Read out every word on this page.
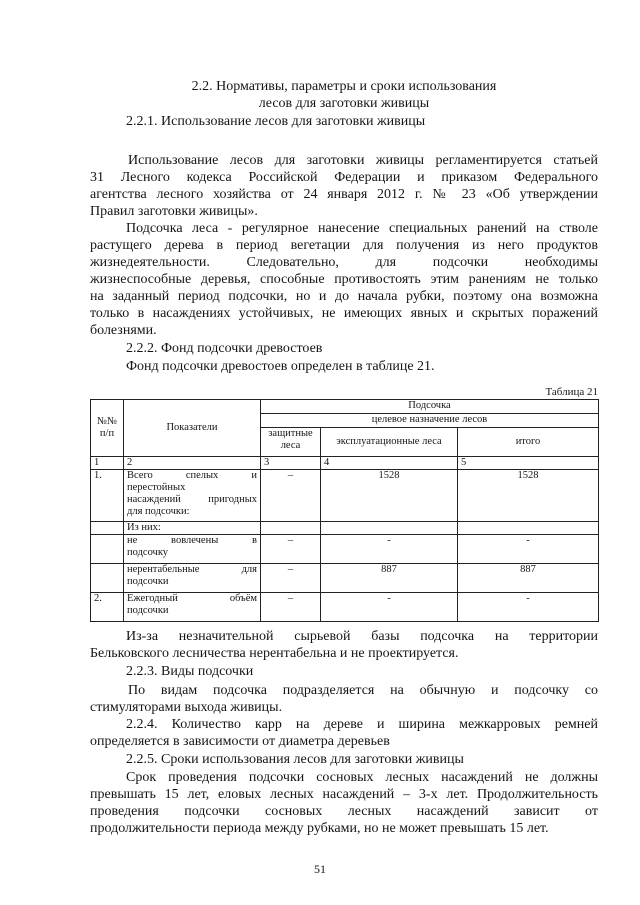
2.2. Нормативы, параметры и сроки использования
лесов для заготовки живицы
2.2.1. Использование лесов для заготовки живицы
Использование лесов для заготовки живицы регламентируется статьей
31 Лесного кодекса Российской Федерации и приказом Федерального
агентства лесного хозяйства от 24 января 2012 г. № 23 «Об утверждении
Правил заготовки живицы».
Подсочка леса - регулярное нанесение специальных ранений на стволе
растущего дерева в период вегетации для получения из него продуктов
жизнедеятельности. Следовательно, для подсочки необходимы
жизнеспособные деревья, способные противостоять этим ранениям не только
на заданный период подсочки, но и до начала рубки, поэтому она возможна
только в насаждениях устойчивых, не имеющих явных и скрытых поражений
болезнями.
2.2.2. Фонд подсочки древостоев
Фонд подсочки древостоев определен в таблице 21.
Таблица 21
№№ п/п	Показатели	Подсочка		
		целевое назначение лесов		
		защитные леса	эксплуатационные леса	итого
1	2	3	4	5
1.	Всего спелых и
перестойных
насаждений пригодных
для подсочки:	–	1528	1528

	Из них:			

	не вовлечены в
подсочку	–	-	-

	нерентабельные для
подсочки	–	887	887
2.	Ежегодный объём
подсочки	–	-	-
Из-за незначительной сырьевой базы подсочка на территории
Бельковского лесничества нерентабельна и не проектируется.
2.2.3. Виды подсочки
По видам подсочка подразделяется на обычную и подсочку со
стимуляторами выхода живицы.
2.2.4. Количество карр на дереве и ширина межкарровых ремней
определяется в зависимости от диаметра деревьев
2.2.5. Сроки использования лесов для заготовки живицы
Срок проведения подсочки сосновых лесных насаждений не должны
превышать 15 лет, еловых лесных насаждений – 3-х лет. Продолжительность
проведения подсочки сосновых лесных насаждений зависит от
продолжительности периода между рубками, но не может превышать 15 лет.
51
